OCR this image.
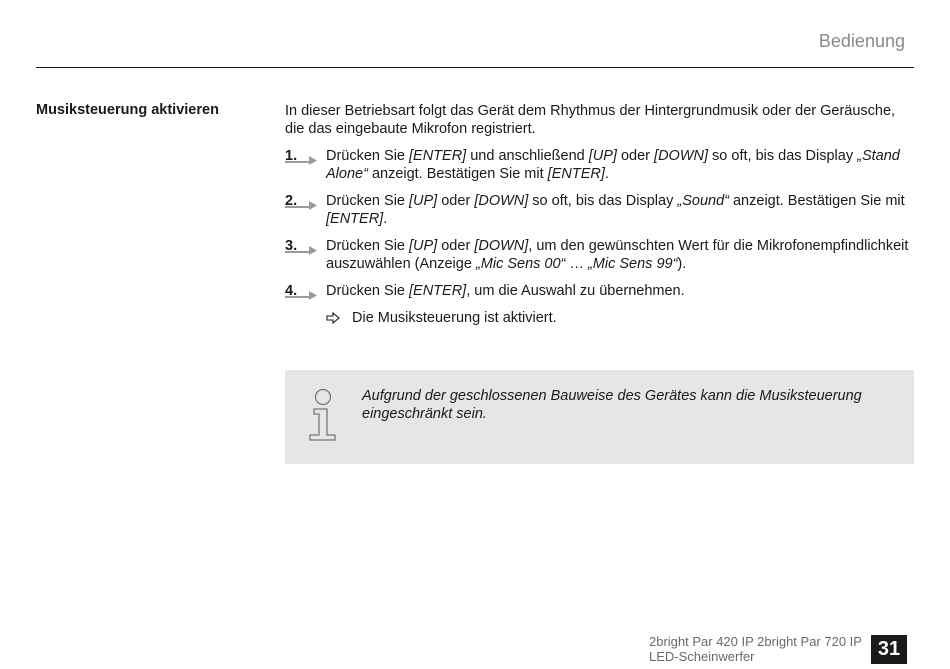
Bedienung
Musiksteuerung aktivieren	In dieser Betriebsart folgt das Gerät dem Rhythmus der Hintergrundmusik oder der Geräusche, die das eingebaute Mikrofon registriert.

1. Drücken Sie [ENTER] und anschließend [UP] oder [DOWN] so oft, bis das Display „Stand Alone“ anzeigt. Bestätigen Sie mit [ENTER].
2. Drücken Sie [UP] oder [DOWN] so oft, bis das Display „Sound“ anzeigt. Bestätigen Sie mit [ENTER].
3. Drücken Sie [UP] oder [DOWN], um den gewünschten Wert für die Mikrofonempfindlichkeit auszuwählen (Anzeige „Mic Sens 00“ … „Mic Sens 99“).
4. Drücken Sie [ENTER], um die Auswahl zu übernehmen.
Die Musiksteuerung ist aktiviert.
Aufgrund der geschlossenen Bauweise des Gerätes kann die Musiksteuerung eingeschränkt sein.
2bright Par 420 IP 2bright Par 720 IP
LED-Scheinwerfer	31
